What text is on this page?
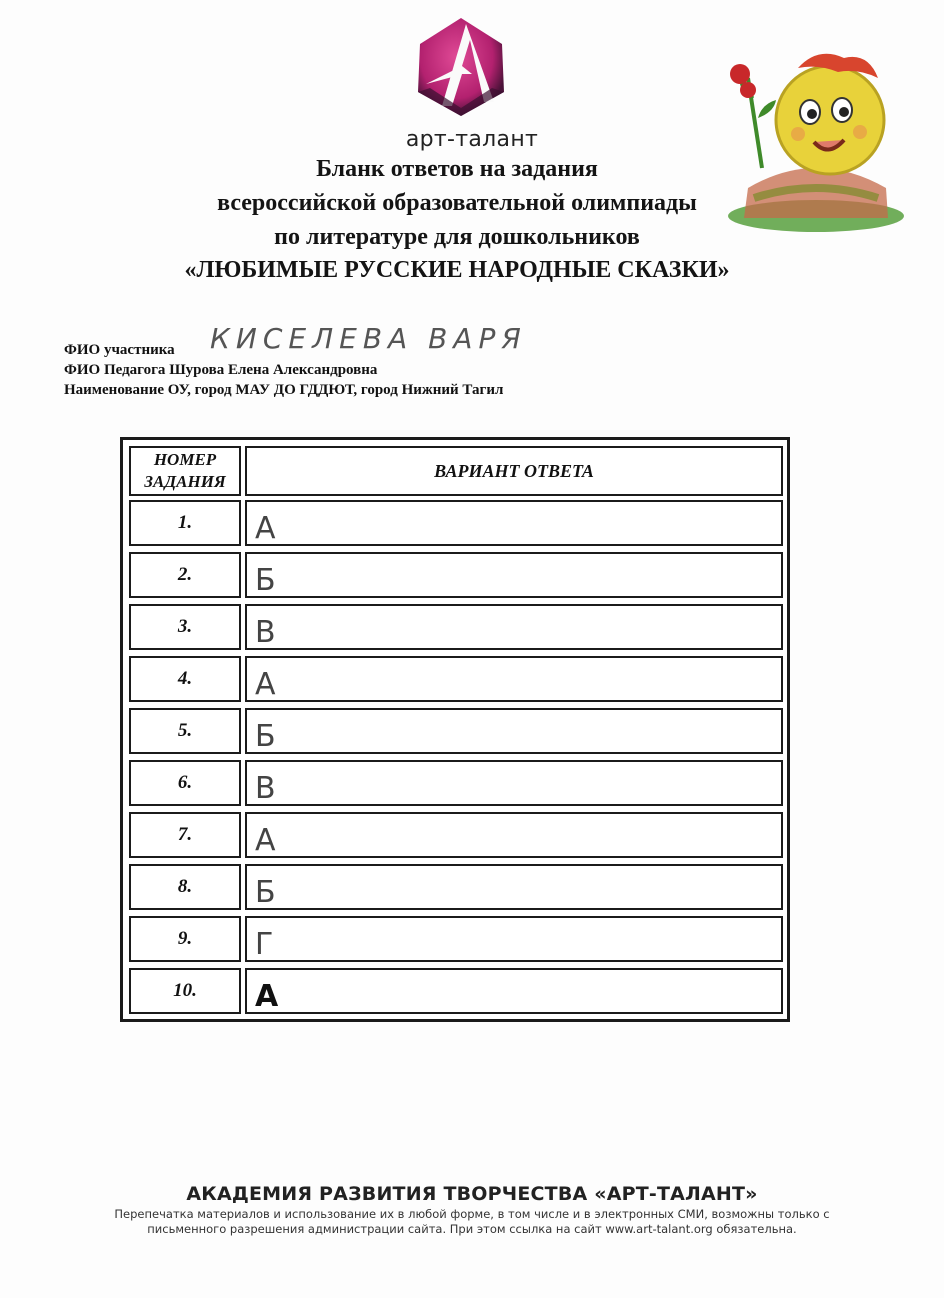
арт-талант
Бланк ответов на задания
всероссийской образовательной олимпиады
по литературе для дошкольников
«ЛЮБИМЫЕ РУССКИЕ НАРОДНЫЕ СКАЗКИ»
ФИО участника КИСЕЛЕВА ВАРЯ
ФИО Педагога Шурова Елена Александровна
Наименование ОУ, город МАУ ДО ГДДЮТ, город Нижний Тагил
НОМЕР
ЗАДАНИЯ
ВАРИАНТ ОТВЕТА
1.	А
2.	Б
3.	В
4.	А
5.	Б
6.	В
7.	А
8.	Б
9.	Г
10.	А
АКАДЕМИЯ РАЗВИТИЯ ТВОРЧЕСТВА «АРТ-ТАЛАНТ»
Перепечатка материалов и использование их в любой форме, в том числе и в электронных СМИ, возможны только с
письменного разрешения администрации сайта. При этом ссылка на сайт www.art-talant.org обязательна.
